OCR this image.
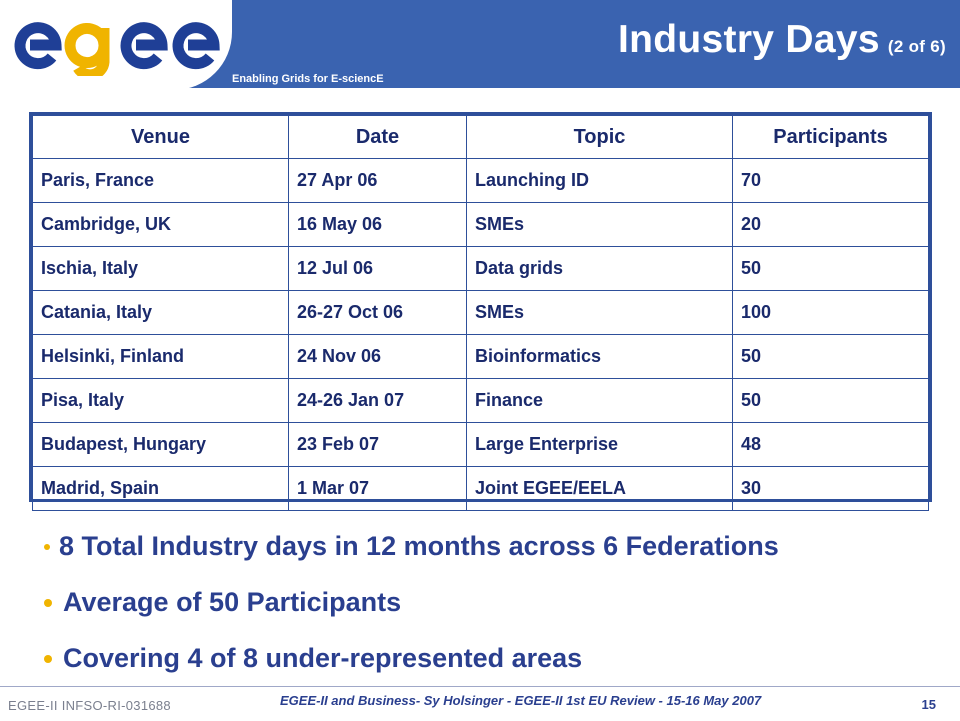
Enabling Grids for E-sciencE
Industry Days (2 of 6)
Venue	Date	Topic	Participants
Paris, France	27 Apr 06	Launching ID	70
Cambridge, UK	16 May 06	SMEs	20
Ischia, Italy	12 Jul 06	Data grids	50
Catania, Italy	26-27 Oct 06	SMEs	100
Helsinki, Finland	24 Nov 06	Bioinformatics	50
Pisa, Italy	24-26 Jan 07	Finance	50
Budapest, Hungary	23 Feb 07	Large Enterprise	48
Madrid, Spain	1 Mar 07	Joint EGEE/EELA	30
8 Total Industry days in 12 months across 6 Federations
Average of 50 Participants
Covering 4 of 8 under-represented areas
EGEE-II INFSO-RI-031688	EGEE-II and Business- Sy Holsinger - EGEE-II 1st EU Review - 15-16 May 2007	15
